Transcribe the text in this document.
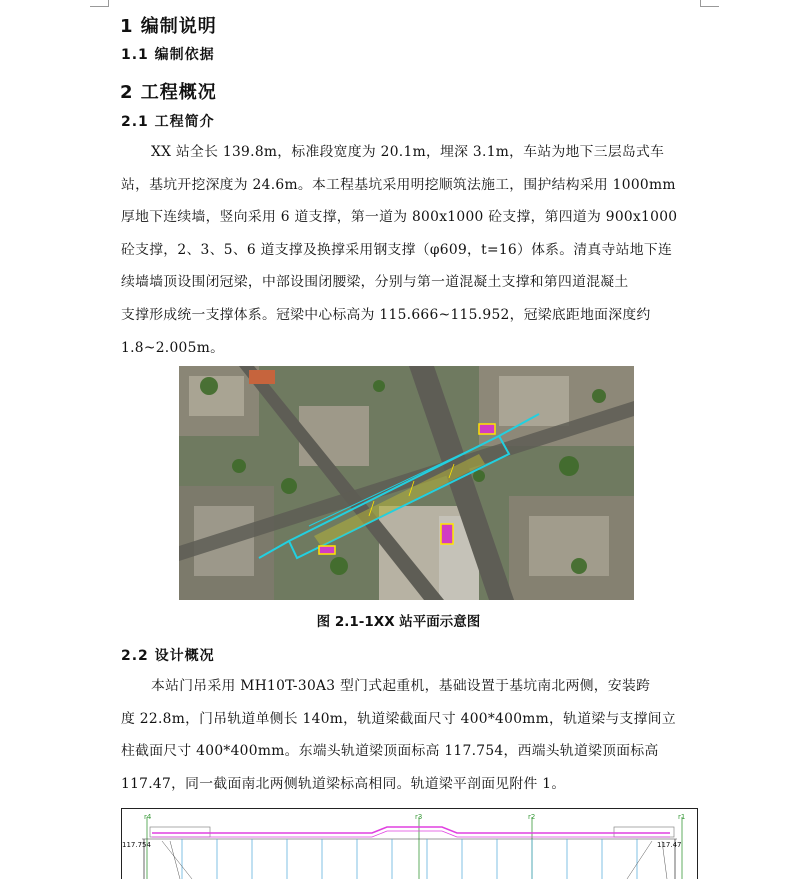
1 编制说明
1.1 编制依据
2 工程概况
2.1 工程简介
XX 站全长 139.8m，标准段宽度为 20.1m，埋深 3.1m，车站为地下三层岛式车
站，基坑开挖深度为 24.6m。本工程基坑采用明挖顺筑法施工，围护结构采用 1000mm
厚地下连续墙，竖向采用 6 道支撑，第一道为 800x1000 砼支撑，第四道为 900x1000
砼支撑，2、3、5、6 道支撑及换撑采用钢支撑（φ609，t=16）体系。清真寺站地下连
续墙墙顶设围闭冠梁，中部设围闭腰梁，分别与第一道混凝土支撑和第四道混凝土
支撑形成统一支撑体系。冠梁中心标高为 115.666~115.952，冠梁底距地面深度约
1.8~2.005m。
图 2.1-1XX 站平面示意图
2.2 设计概况
本站门吊采用 MH10T-30A3 型门式起重机，基础设置于基坑南北两侧，安装跨
度 22.8m，门吊轨道单侧长 140m，轨道梁截面尺寸 400*400mm，轨道梁与支撑间立
柱截面尺寸 400*400mm。东端头轨道梁顶面标高 117.754，西端头轨道梁顶面标高
117.47，同一截面南北两侧轨道梁标高相同。轨道梁平剖面见附件 1。
r4	r3	r2	r1
117.754	117.47
